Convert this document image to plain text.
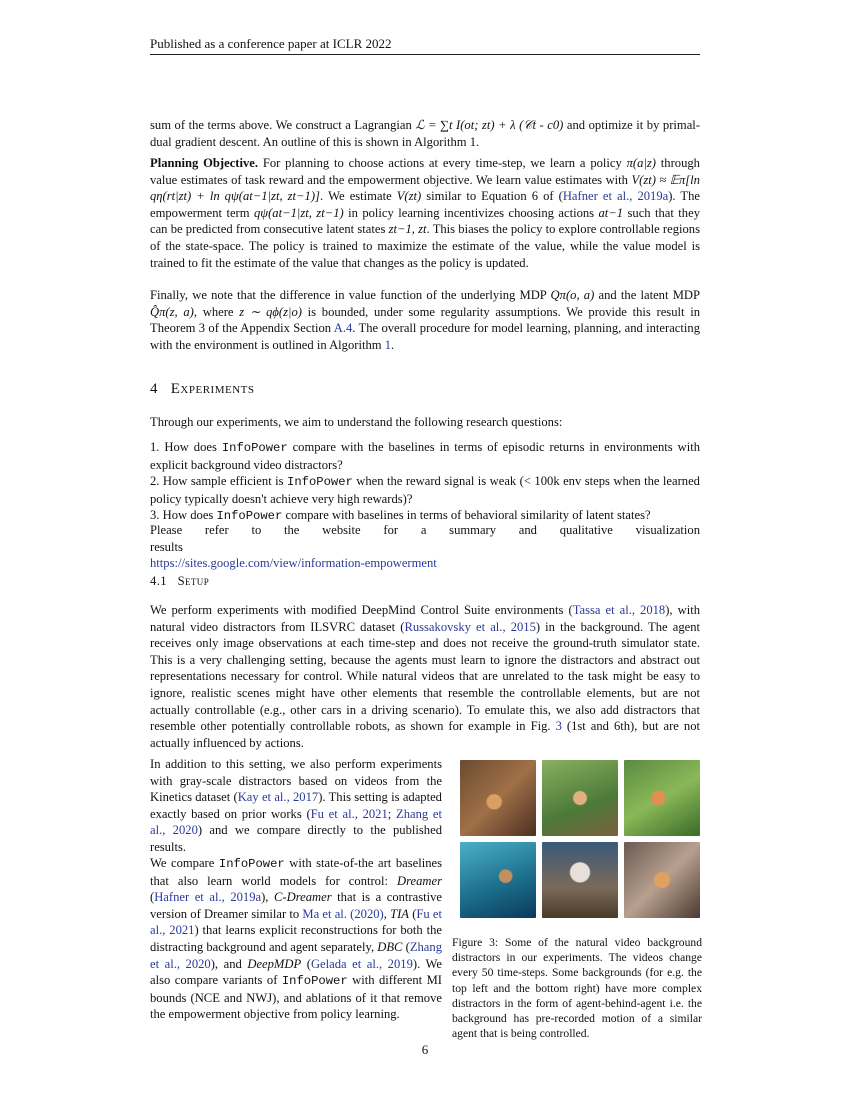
Published as a conference paper at ICLR 2022

sum of the terms above. We construct a Lagrangian ℒ = ∑t I(ot; zt) + λ (𝒞t - c0) and optimize it by primal-dual gradient descent. An outline of this is shown in Algorithm 1.

Planning Objective. For planning to choose actions at every time-step, we learn a policy π(a|z) through value estimates of task reward and the empowerment objective. We learn value estimates with V(zt) ≈ 𝔼π[ln qη(rt|zt) + ln qψ(at−1|zt, zt−1)]. We estimate V(zt) similar to Equation 6 of (Hafner et al., 2019a). The empowerment term qψ(at−1|zt, zt−1) in policy learning incentivizes choosing actions at−1 such that they can be predicted from consecutive latent states zt−1, zt. This biases the policy to explore controllable regions of the state-space. The policy is trained to maximize the estimate of the value, while the value model is trained to fit the estimate of the value that changes as the policy is updated.

Finally, we note that the difference in value function of the underlying MDP Qπ(o, a) and the latent MDP Q̂π(z, a), where z ∼ qϕ(z|o) is bounded, under some regularity assumptions. We provide this result in Theorem 3 of the Appendix Section A.4. The overall procedure for model learning, planning, and interacting with the environment is outlined in Algorithm 1.

4 Experiments

Through our experiments, we aim to understand the following research questions:

1. How does InfoPower compare with the baselines in terms of episodic returns in environments with explicit background video distractors?
2. How sample efficient is InfoPower when the reward signal is weak (< 100k env steps when the learned policy typically doesn't achieve very high rewards)?
3. How does InfoPower compare with baselines in terms of behavioral similarity of latent states?

Please refer to the website for a summary and qualitative visualization results
https://sites.google.com/view/information-empowerment

4.1 Setup

We perform experiments with modified DeepMind Control Suite environments (Tassa et al., 2018), with natural video distractors from ILSVRC dataset (Russakovsky et al., 2015) in the background. The agent receives only image observations at each time-step and does not receive the ground-truth simulator state. This is a very challenging setting, because the agents must learn to ignore the distractors and abstract out representations necessary for control. While natural videos that are unrelated to the task might be easy to ignore, realistic scenes might have other elements that resemble the controllable elements, but are not actually controllable (e.g., other cars in a driving scenario). To emulate this, we also add distractors that resemble other potentially controllable robots, as shown for example in Fig. 3 (1st and 6th), but are not actually influenced by actions.

In addition to this setting, we also perform experiments with gray-scale distractors based on videos from the Kinetics dataset (Kay et al., 2017). This setting is adapted exactly based on prior works (Fu et al., 2021; Zhang et al., 2020) and we compare directly to the published results.

We compare InfoPower with state-of-the art baselines that also learn world models for control: Dreamer (Hafner et al., 2019a), C-Dreamer that is a contrastive version of Dreamer similar to Ma et al. (2020), TIA (Fu et al., 2021) that learns explicit reconstructions for both the distracting background and agent separately, DBC (Zhang et al., 2020), and DeepMDP (Gelada et al., 2019). We also compare variants of InfoPower with different MI bounds (NCE and NWJ), and ablations of it that remove the empowerment objective from policy learning.

Figure 3: Some of the natural video background distractors in our experiments. The videos change every 50 time-steps. Some backgrounds (for e.g. the top left and the bottom right) have more complex distractors in the form of agent-behind-agent i.e. the background has pre-recorded motion of a similar agent that is being controlled.

6
